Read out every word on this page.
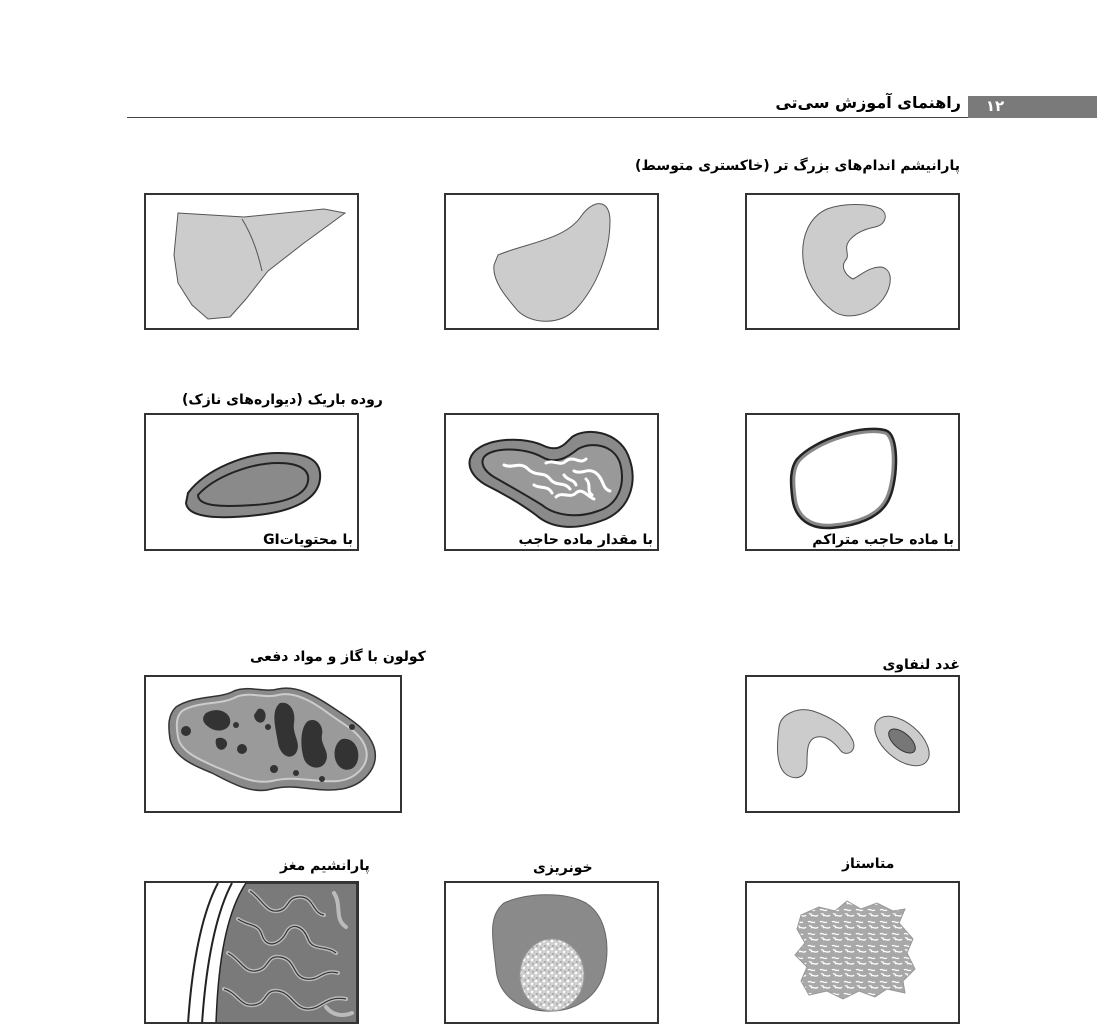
۱۲
راهنمای آموزش سی‌تی
پارانیشم اندام‌های بزرگ تر (خاکستری متوسط)
روده باریک (دیواره‌های نازک)
با محتویاتGI	با مقدار ماده حاجب	با ماده حاجب متراکم
کولون با گاز و مواد دفعی	غدد لنفاوی
پارانشیم مغز	خونریزی	متاستاز
